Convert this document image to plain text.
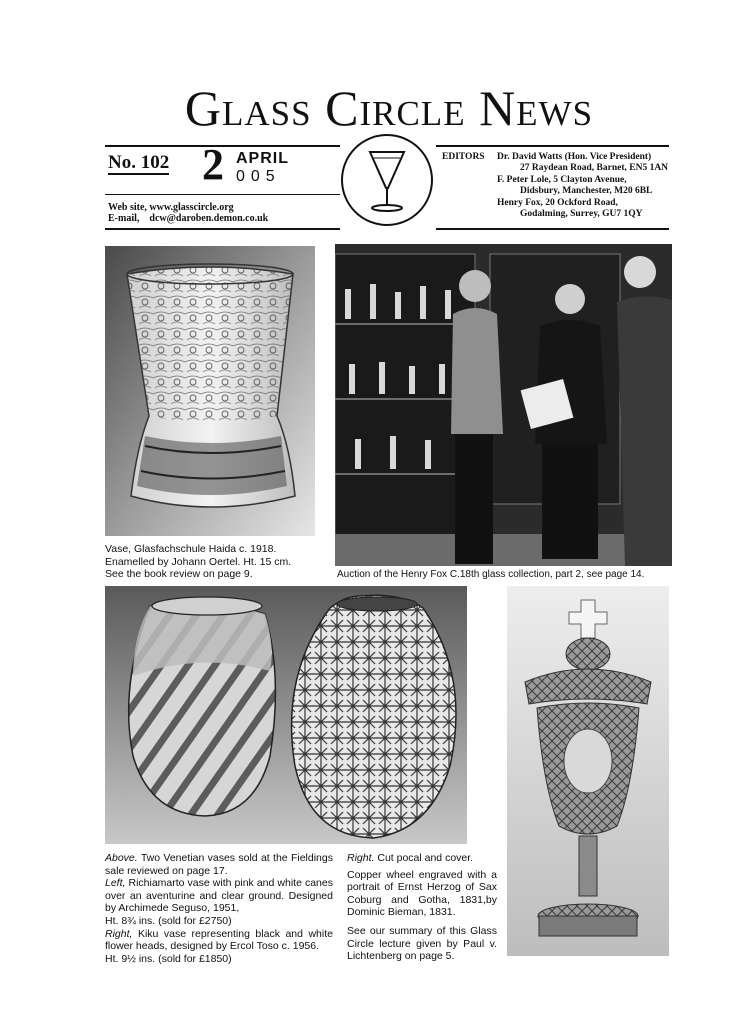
Glass Circle News
No. 102 2 APRIL
005
Web site, www.glasscircle.org
E-mail,    dcw@daroben.demon.co.uk
EDITORS Dr. David Watts (Hon. Vice President)
27 Raydean Road, Barnet, EN5 1AN
F. Peter Lole, 5 Clayton Avenue,
Didsbury, Manchester, M20 6BL
Henry Fox, 20 Ockford Road,
Godalming, Surrey, GU7 1QY

Vase, Glasfachschule Haida c. 1918.

Enamelled by Johann Oertel. Ht. 15 cm.

See the book review on page 9.	Auction of the Henry Fox C.18th glass collection, part 2, see page 14.

Above. Two Venetian vases sold at the Fieldings sale reviewed on page 17.

Left, Richiamarto vase with pink and white canes over an aventurine and clear ground. Designed by Archimede Seguso, 1951,

Ht. 8¾ ins. (sold for £2750)

Right, Kiku vase representing black and white flower heads, designed by Ercol Toso c. 1956.

Ht. 9½ ins. (sold for £1850)

Right. Cut pocal and cover.

Copper wheel engraved with a portrait of Ernst Herzog of Sax Coburg and Gotha, 1831,by Dominic Bieman, 1831.

See our summary of this Glass Circle lecture given by Paul v. Lichtenberg on page 5.
